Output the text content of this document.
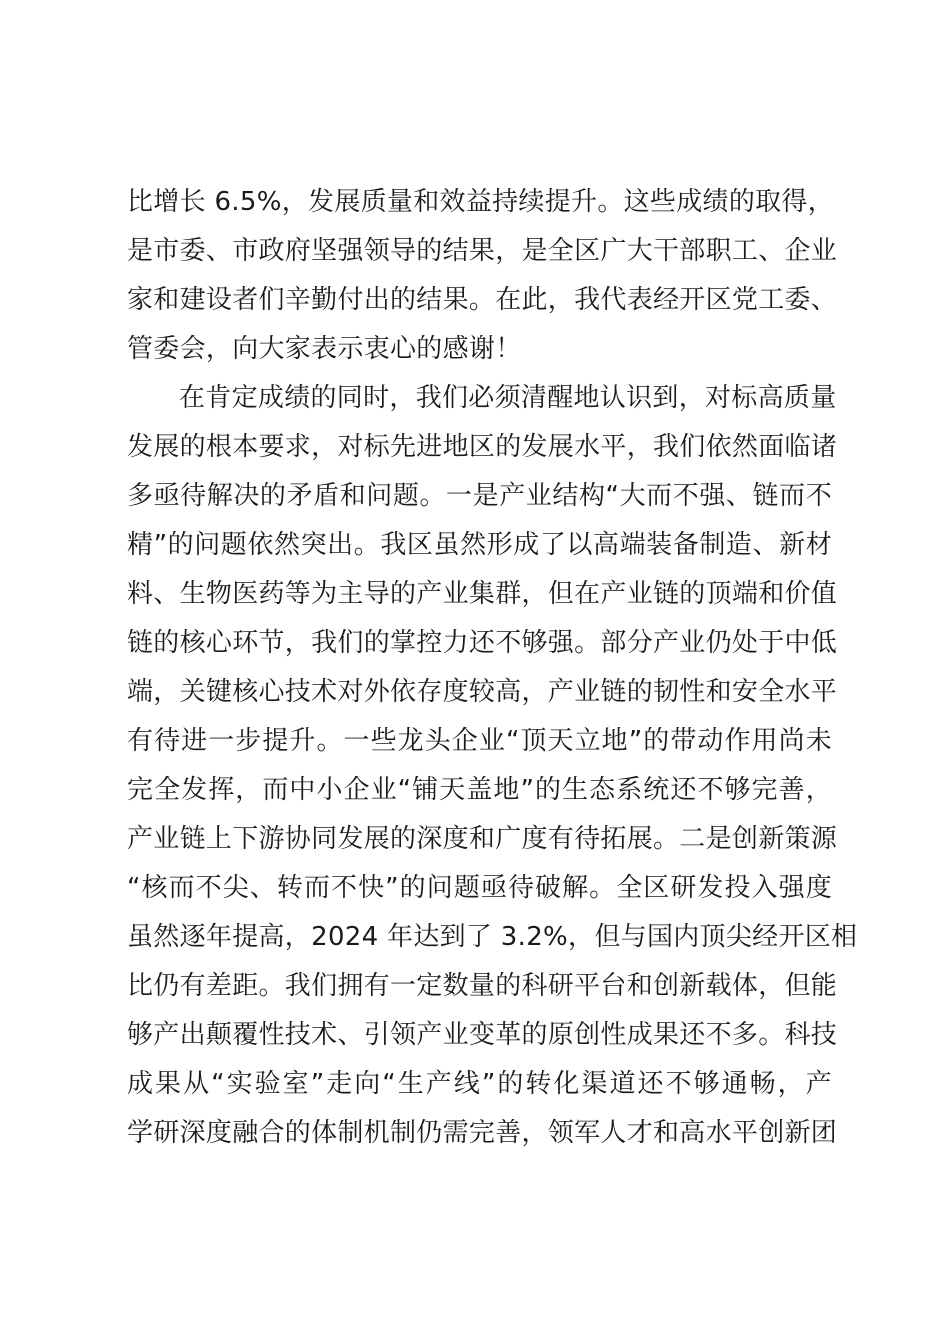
比增长 6.5%，发展质量和效益持续提升。这些成绩的取得，
是市委、市政府坚强领导的结果，是全区广大干部职工、企业
家和建设者们辛勤付出的结果。在此，我代表经开区党工委、
管委会，向大家表示衷心的感谢！
在肯定成绩的同时，我们必须清醒地认识到，对标高质量
发展的根本要求，对标先进地区的发展水平，我们依然面临诸
多亟待解决的矛盾和问题。一是产业结构“大而不强、链而不
精”的问题依然突出。我区虽然形成了以高端装备制造、新材
料、生物医药等为主导的产业集群，但在产业链的顶端和价值
链的核心环节，我们的掌控力还不够强。部分产业仍处于中低
端，关键核心技术对外依存度较高，产业链的韧性和安全水平
有待进一步提升。一些龙头企业“顶天立地”的带动作用尚未
完全发挥，而中小企业“铺天盖地”的生态系统还不够完善，
产业链上下游协同发展的深度和广度有待拓展。二是创新策源
“核而不尖、转而不快”的问题亟待破解。全区研发投入强度
虽然逐年提高，2024 年达到了 3.2%，但与国内顶尖经开区相
比仍有差距。我们拥有一定数量的科研平台和创新载体，但能
够产出颠覆性技术、引领产业变革的原创性成果还不多。科技
成果从“实验室”走向“生产线”的转化渠道还不够通畅，产
学研深度融合的体制机制仍需完善，领军人才和高水平创新团
